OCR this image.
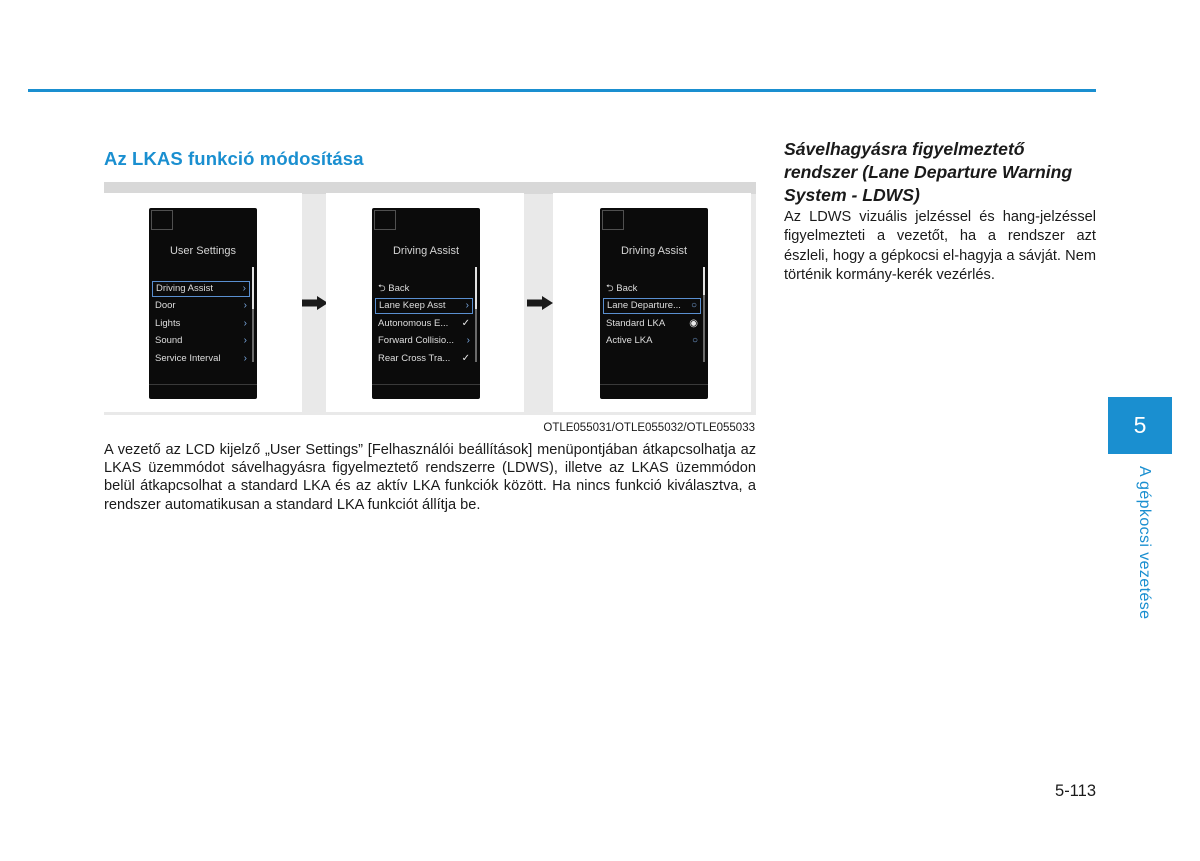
Az LKAS funkció módosítása
User Settings
Driving Assist	›
Door	›
Lights	›
Sound	›
Service Interval ›
Driving Assist
⮌ Back
Lane Keep Asst ›
Autonomous E... ✓
Forward Collisio... ›
Rear Cross Tra... ✓
Driving Assist
⮌ Back
Lane Departure... ○
Standard LKA ◉
Active LKA	○
OTLE055031/OTLE055032/OTLE055033

A vezető az LCD kijelző „User Settings” [Felhasználói beállítások] menüpontjában átkapcsolhatja az LKAS üzemmódot sávelhagyásra figyelmeztető rendszerre (LDWS), illetve az LKAS üzemmódon belül átkapcsolhat a standard LKA és az aktív LKA funkciók között. Ha nincs funkció kiválasztva, a rendszer automatikusan a standard LKA funkciót állítja be.

Sávelhagyásra figyelmeztető rendszer (Lane Departure Warning System - LDWS)

Az LDWS vizuális jelzéssel és hang-jelzéssel figyelmezteti a vezetőt, ha a rendszer azt észleli, hogy a gépkocsi el-hagyja a sávját. Nem történik kormány-kerék vezérlés.

5
A gépkocsi vezetése
5-113
